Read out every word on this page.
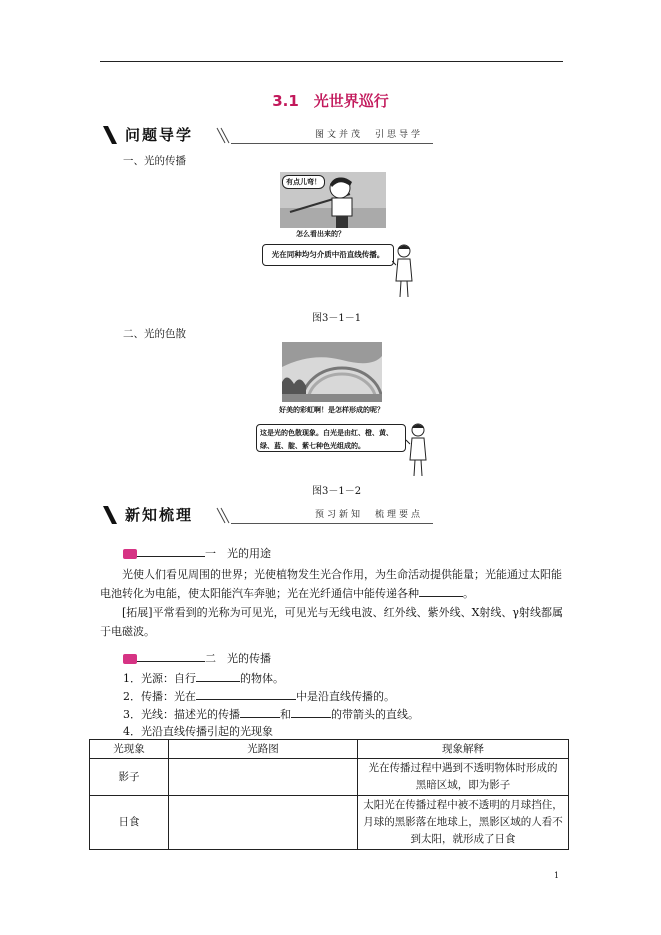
3.1　光世界巡行
问题导学	图文并茂　引思导学
一、光的传播
有点儿弯！
怎么看出来的？
光在同种均匀介质中沿直线传播。
图3－1－1
二、光的色散
好美的彩虹啊！是怎样形成的呢？
这是光的色散现象。白光是由红、橙、黄、绿、蓝、靛、紫七种色光组成的。
图3－1－2
新知梳理	预习新知　梳理要点
一　 光的用途
光使人们看见周围的世界；光使植物发生光合作用，为生命活动提供能量；光能通过太阳能电池转化为电能，使太阳能汽车奔驰；光在光纤通信中能传递各种	。
[拓展]平常看到的光称为可见光，可见光与无线电波、红外线、紫外线、X射线、γ射线都属于电磁波。
二　 光的传播
1．光源：自行	的物体。
2．传播：光在	中是沿直线传播的。
3．光线：描述光的传播	和	的带箭头的直线。
4．光沿直线传播引起的光现象
光现象	光路图	现象解释
影子		光在传播过程中遇到不透明物体时形成的黑暗区域，即为影子
日食		太阳光在传播过程中被不透明的月球挡住，月球的黑影落在地球上，黑影区域的人看不到太阳，就形成了日食
1
